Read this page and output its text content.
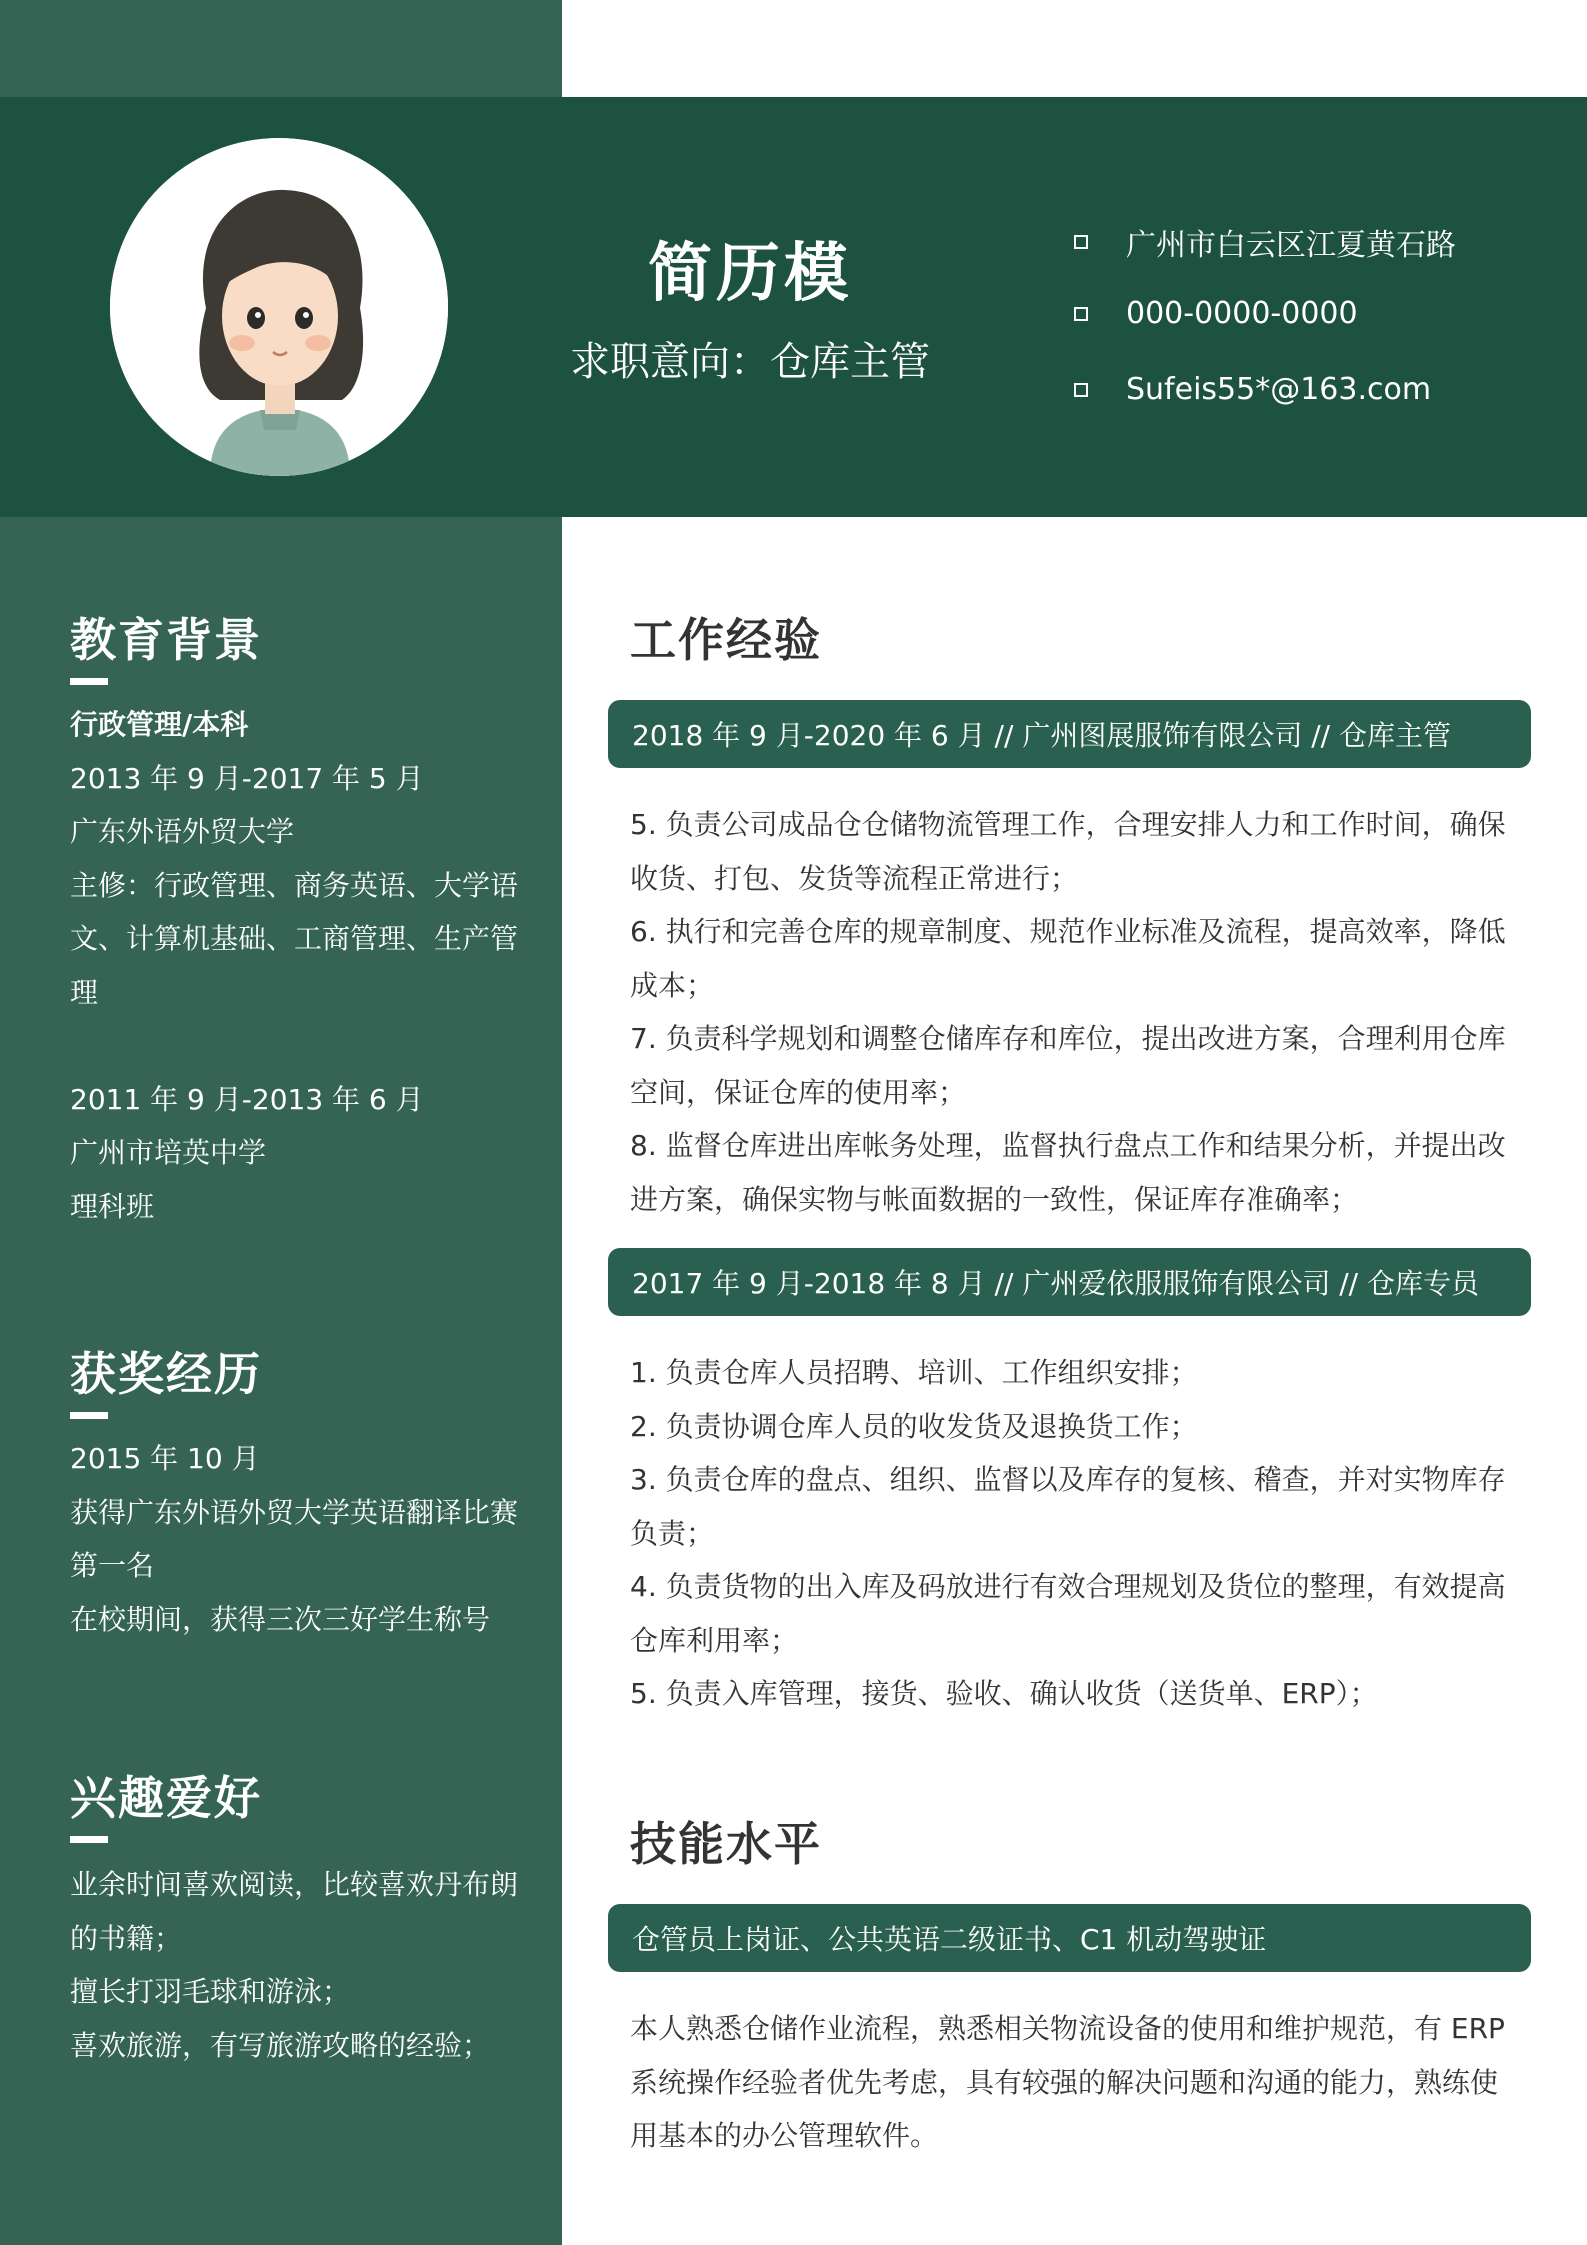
简历模
求职意向：仓库主管
广州市白云区江夏黄石路
000-0000-0000
Sufeis55*@163.com
教育背景
行政管理/本科
2013 年 9 月-2017 年 5 月
广东外语外贸大学
主修：行政管理、商务英语、大学语文、计算机基础、工商管理、生产管理
2011 年 9 月-2013 年 6 月
广州市培英中学
理科班
获奖经历
2015 年 10 月
获得广东外语外贸大学英语翻译比赛第一名
在校期间，获得三次三好学生称号
兴趣爱好
业余时间喜欢阅读，比较喜欢丹布朗的书籍；
擅长打羽毛球和游泳；
喜欢旅游，有写旅游攻略的经验；
工作经验
2018 年 9 月-2020 年 6 月 // 广州图展服饰有限公司 // 仓库主管
5. 负责公司成品仓仓储物流管理工作，合理安排人力和工作时间，确保收货、打包、发货等流程正常进行；
6. 执行和完善仓库的规章制度、规范作业标准及流程，提高效率，降低成本；
7. 负责科学规划和调整仓储库存和库位，提出改进方案，合理利用仓库空间，保证仓库的使用率；
8. 监督仓库进出库帐务处理，监督执行盘点工作和结果分析，并提出改进方案，确保实物与帐面数据的一致性，保证库存准确率；
2017 年 9 月-2018 年 8 月 // 广州爱依服服饰有限公司 // 仓库专员
1. 负责仓库人员招聘、培训、工作组织安排；
2. 负责协调仓库人员的收发货及退换货工作；
3. 负责仓库的盘点、组织、监督以及库存的复核、稽查，并对实物库存负责；
4. 负责货物的出入库及码放进行有效合理规划及货位的整理，有效提高仓库利用率；
5. 负责入库管理，接货、验收、确认收货（送货单、ERP）；
技能水平
仓管员上岗证、公共英语二级证书、C1 机动驾驶证
本人熟悉仓储作业流程，熟悉相关物流设备的使用和维护规范，有 ERP 系统操作经验者优先考虑，具有较强的解决问题和沟通的能力，熟练使用基本的办公管理软件。
